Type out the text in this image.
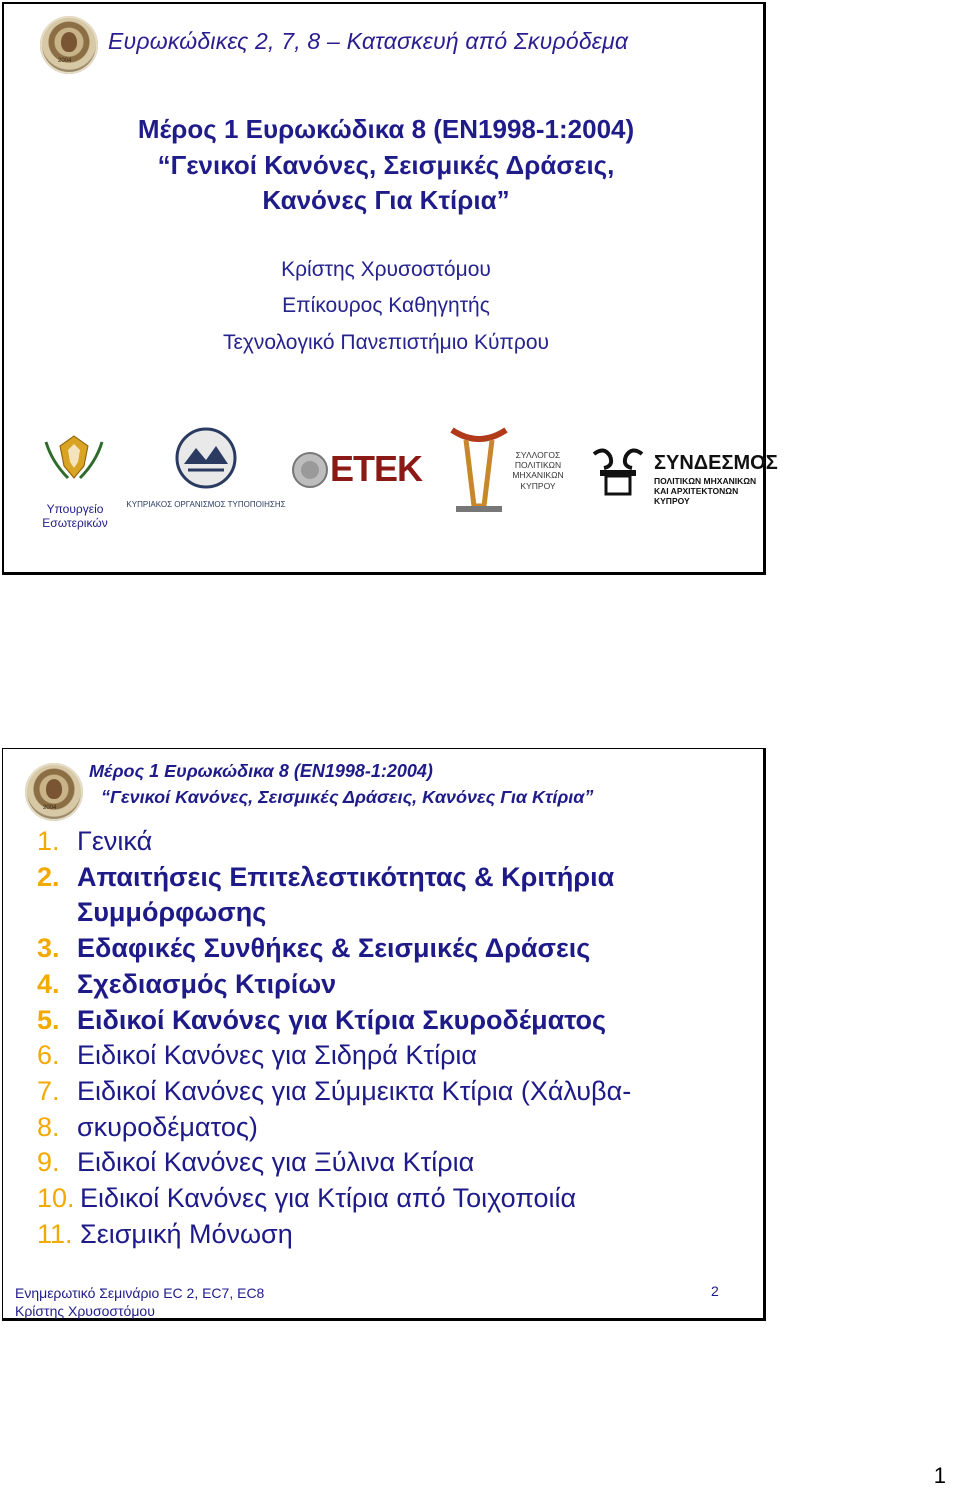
2004
Ευρωκώδικες 2, 7, 8 – Κατασκευή από Σκυρόδεμα
Μέρος 1 Ευρωκώδικα 8 (EN1998-1:2004)
“Γενικοί Κανόνες, Σεισμικές Δράσεις,
Κανόνες Για Κτίρια”
Κρίστης Χρυσοστόμου
Επίκουρος Καθηγητής
Τεχνολογικό Πανεπιστήμιο Κύπρου
Υπουργείο Εσωτερικών
ΚΥΠΡΙΑΚΟΣ ΟΡΓΑΝΙΣΜΟΣ ΤΥΠΟΠΟΙΗΣΗΣ
ΕΤΕΚ	ΣΥΛΛΟΓΟΣ ΠΟΛΙΤΙΚΩΝ ΜΗΧΑΝΙΚΩΝ ΚΥΠΡΟΥ
ΣΥΝΔΕΣΜΟΣ
ΠΟΛΙΤΙΚΩΝ ΜΗΧΑΝΙΚΩΝ
ΚΑΙ ΑΡΧΙΤΕΚΤΟΝΩΝ ΚΥΠΡΟΥ
2004
Μέρος 1 Ευρωκώδικα 8 (EN1998-1:2004)
“Γενικοί Κανόνες, Σεισμικές Δράσεις, Κανόνες Για Κτίρια”
1. Γενικά
2. Απαιτήσεις Επιτελεστικότητας & Κριτήρια
Συμμόρφωσης
3. Εδαφικές Συνθήκες & Σεισμικές Δράσεις
4. Σχεδιασμός Κτιρίων
5. Ειδικοί Κανόνες για Κτίρια Σκυροδέματος
6. Ειδικοί Κανόνες για Σιδηρά Κτίρια
7. Ειδικοί Κανόνες για Σύμμεικτα Κτίρια (Χάλυβα-
8. σκυροδέματος)
9. Ειδικοί Κανόνες για Ξύλινα Κτίρια
10. Ειδικοί Κανόνες για Κτίρια από Τοιχοποιία
11. Σεισμική Μόνωση
Ενημερωτικό Σεμινάριο EC 2, EC7, EC8
Κρίστης Χρυσοστόμου
2
1
